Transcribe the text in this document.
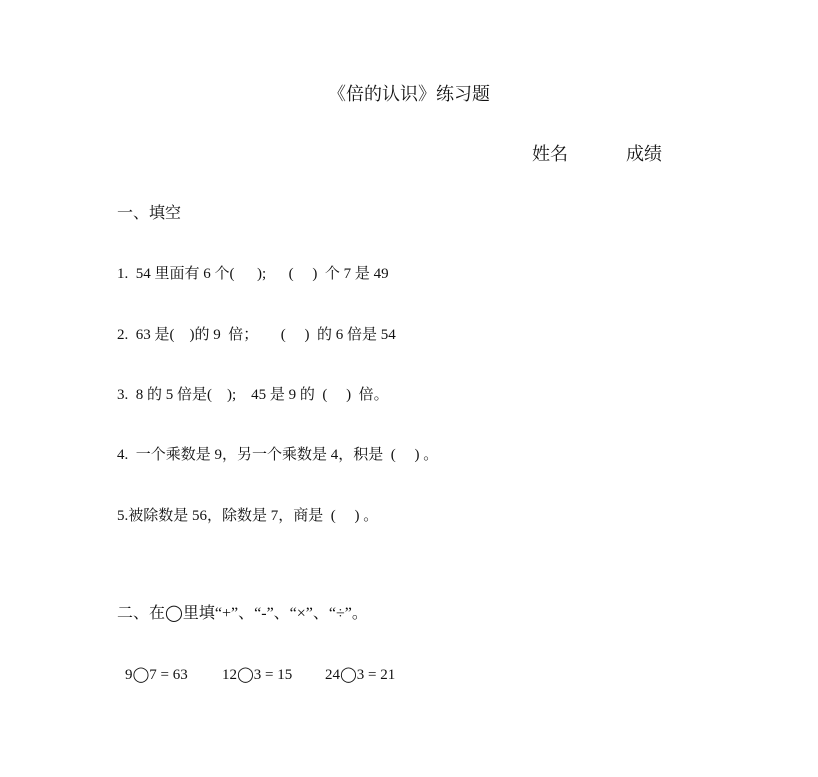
《倍的认识》练习题
姓名	成绩
一、填空
1.  54 里面有 6 个(      );      (     )  个 7 是 49
2.  63 是(    )的 9  倍；      (     )  的 6 倍是 54
3.  8 的 5 倍是(    );    45 是 9 的  (     )  倍。
4.  一个乘数是 9，另一个乘数是 4，积是  (     ) 。
5.被除数是 56，除数是 7，商是  (     ) 。
二、在◯里填“+”、“-”、“×”、“÷”。
9◯7 = 63 12◯3 = 15 24◯3 = 21
